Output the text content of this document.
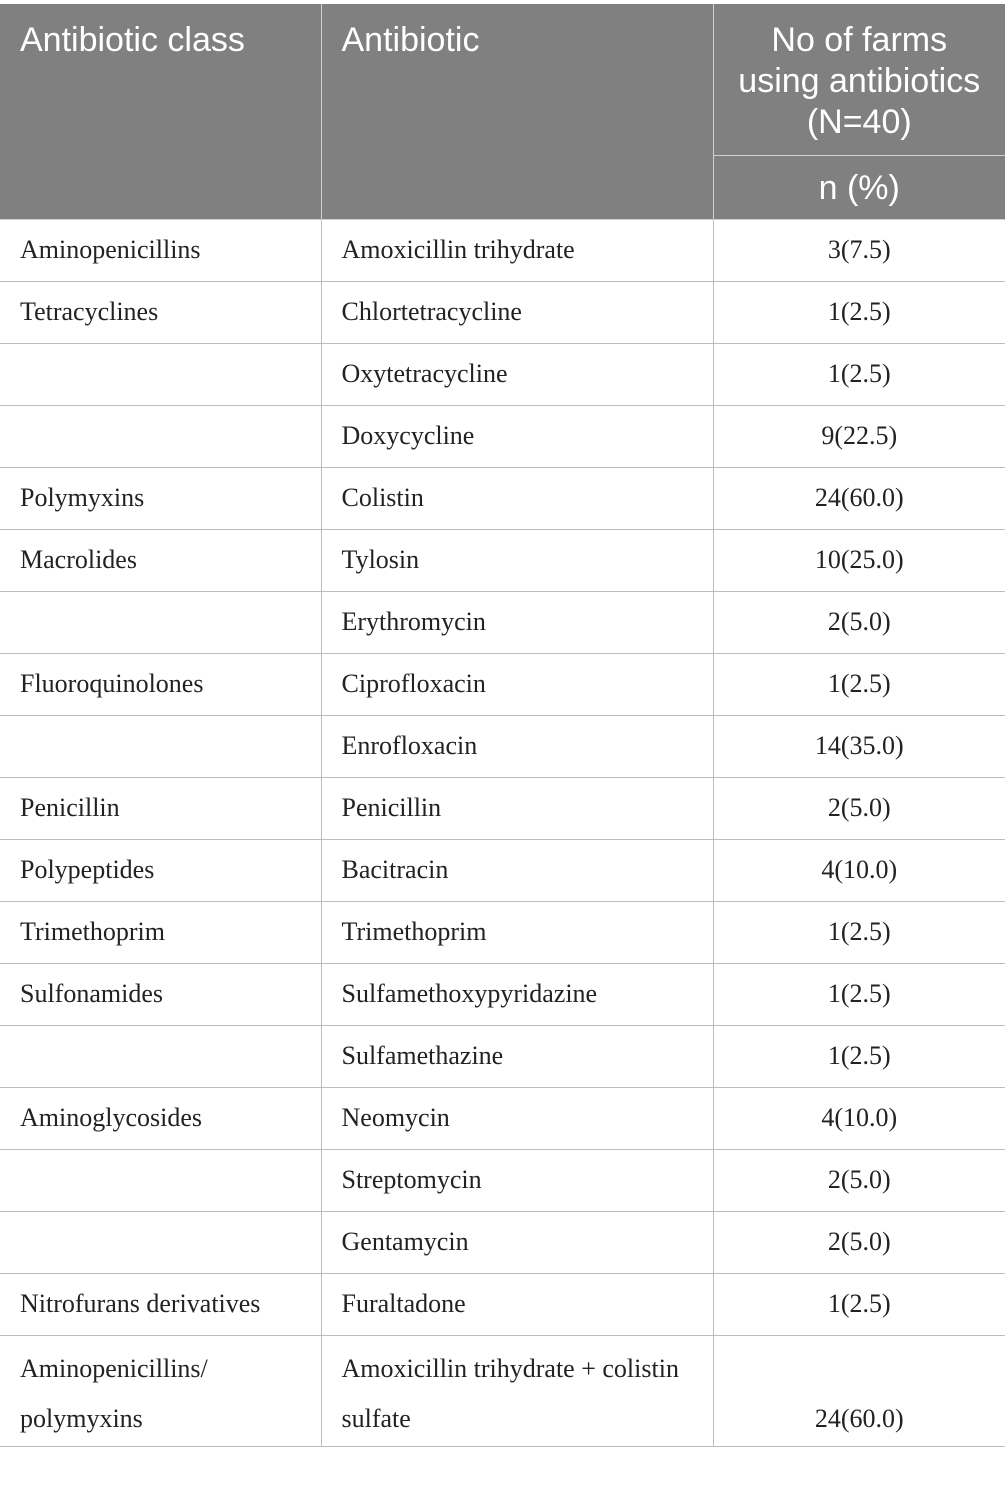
Antibiotic class	Antibiotic	No of farms using antibiotics (N=40)
		n (%)
Aminopenicillins	Amoxicillin trihydrate	3(7.5)
Tetracyclines	Chlortetracycline	1(2.5)
	Oxytetracycline	1(2.5)
	Doxycycline	9(22.5)
Polymyxins	Colistin	24(60.0)
Macrolides	Tylosin	10(25.0)
	Erythromycin	2(5.0)
Fluoroquinolones	Ciprofloxacin	1(2.5)
	Enrofloxacin	14(35.0)
Penicillin	Penicillin	2(5.0)
Polypeptides	Bacitracin	4(10.0)
Trimethoprim	Trimethoprim	1(2.5)
Sulfonamides	Sulfamethoxypyridazine	1(2.5)
	Sulfamethazine	1(2.5)
Aminoglycosides	Neomycin	4(10.0)
	Streptomycin	2(5.0)
	Gentamycin	2(5.0)
Nitrofurans derivatives	Furaltadone	1(2.5)
Aminopenicillins/ polymyxins	Amoxicillin trihydrate + colistin sulfate	24(60.0)
